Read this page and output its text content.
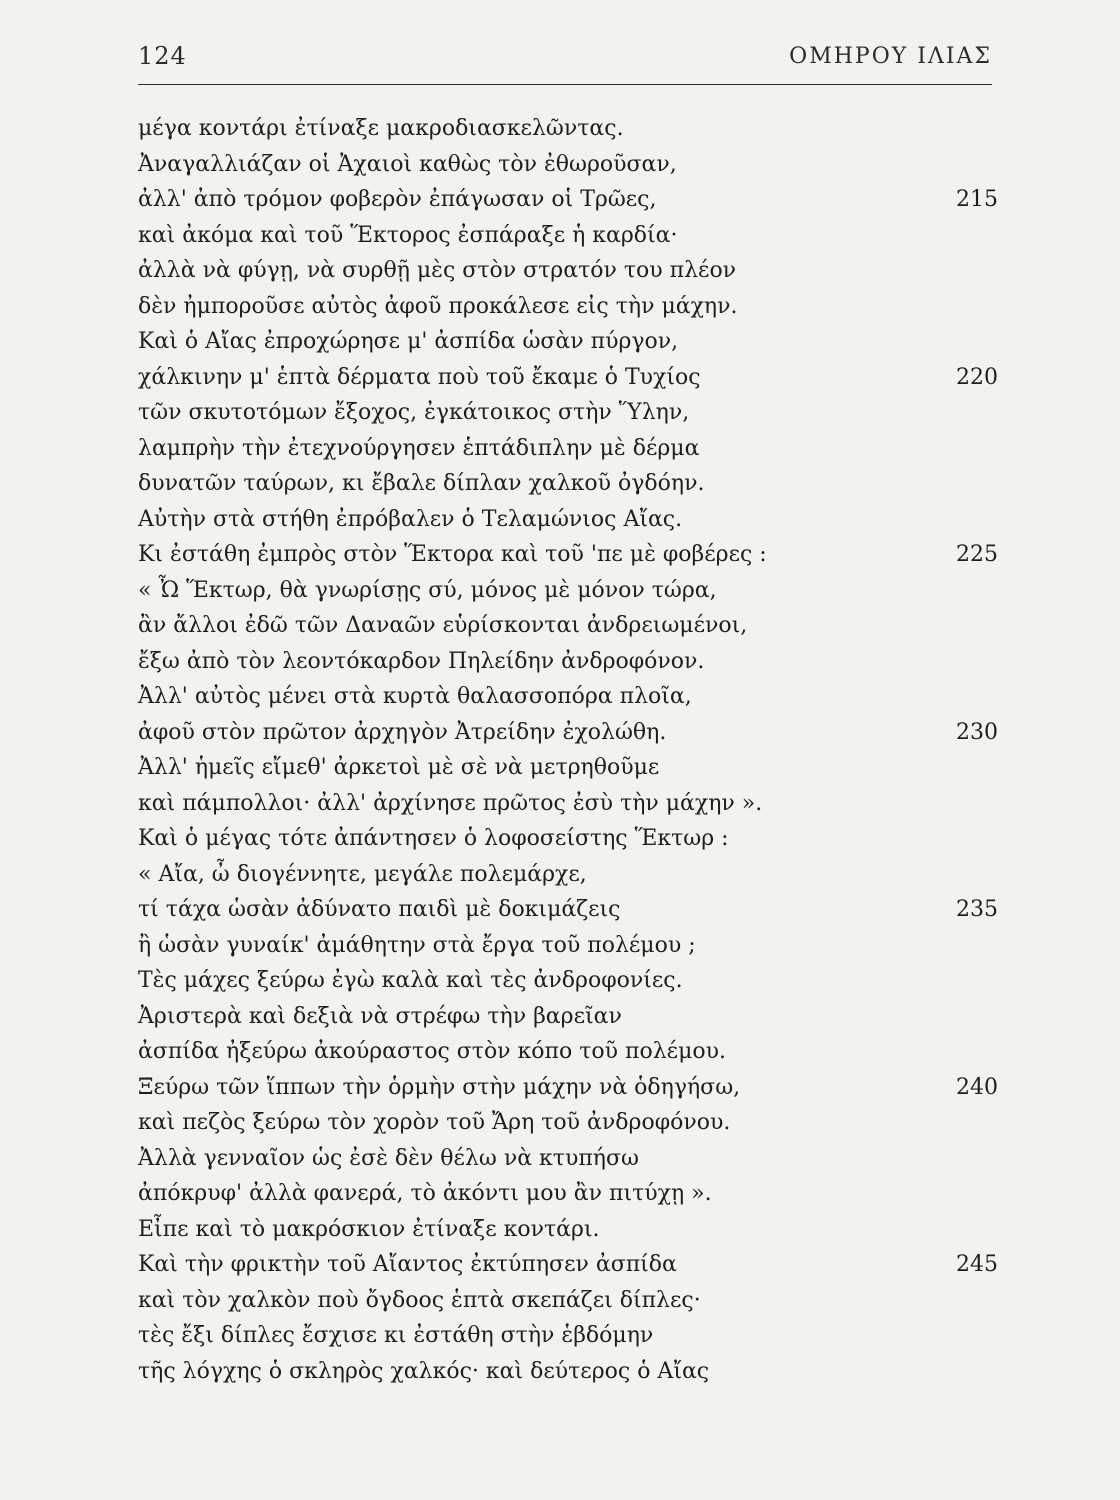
124	ΟΜΗΡΟΥ ΙΛΙΑΣ
μέγα κοντάρι ἐτίναξε μακροδιασκελῶντας.
Ἀναγαλλιάζαν οἱ Ἀχαιοὶ καθὼς τὸν ἐθωροῦσαν,
ἀλλ' ἀπὸ τρόμον φοβερὸν ἐπάγωσαν οἱ Τρῶες,	215
καὶ ἀκόμα καὶ τοῦ Ἕκτορος ἐσπάραξε ἡ καρδία·
ἀλλὰ νὰ φύγῃ, νὰ συρθῇ μὲς στὸν στρατόν του πλέον
δὲν ἠμποροῦσε αὐτὸς ἀφοῦ προκάλεσε εἰς τὴν μάχην.
Καὶ ὁ Αἴας ἐπροχώρησε μ' ἀσπίδα ὡσὰν πύργον,
χάλκινην μ' ἑπτὰ δέρματα ποὺ τοῦ ἔκαμε ὁ Τυχίος	220
τῶν σκυτοτόμων ἔξοχος, ἐγκάτοικος στὴν Ὕλην,
λαμπρὴν τὴν ἐτεχνούργησεν ἑπτάδιπλην μὲ δέρμα
δυνατῶν ταύρων, κι ἔβαλε δίπλαν χαλκοῦ ὀγδόην.
Αὐτὴν στὰ στήθη ἐπρόβαλεν ὁ Τελαμώνιος Αἴας.
Κι ἐστάθη ἐμπρὸς στὸν Ἕκτορα καὶ τοῦ 'πε μὲ φοβέρες :	225
« Ὦ Ἕκτωρ, θὰ γνωρίσῃς σύ, μόνος μὲ μόνον τώρα,
ἂν ἄλλοι ἐδῶ τῶν Δαναῶν εὑρίσκονται ἀνδρειωμένοι,
ἔξω ἀπὸ τὸν λεοντόκαρδον Πηλείδην ἀνδροφόνον.
Ἀλλ' αὐτὸς μένει στὰ κυρτὰ θαλασσοπόρα πλοῖα,
ἀφοῦ στὸν πρῶτον ἀρχηγὸν Ἀτρείδην ἐχολώθη.	230
Ἀλλ' ἡμεῖς εἴμεθ' ἀρκετοὶ μὲ σὲ νὰ μετρηθοῦμε
καὶ πάμπολλοι· ἀλλ' ἀρχίνησε πρῶτος ἐσὺ τὴν μάχην ».
Καὶ ὁ μέγας τότε ἀπάντησεν ὁ λοφοσείστης Ἕκτωρ :
« Αἴα, ὦ διογέννητε, μεγάλε πολεμάρχε,
τί τάχα ὡσὰν ἀδύνατο παιδὶ μὲ δοκιμάζεις	235
ἢ ὡσὰν γυναίκ' ἀμάθητην στὰ ἔργα τοῦ πολέμου ;
Τὲς μάχες ξεύρω ἐγὼ καλὰ καὶ τὲς ἀνδροφονίες.
Ἀριστερὰ καὶ δεξιὰ νὰ στρέφω τὴν βαρεῖαν
ἀσπίδα ἠξεύρω ἀκούραστος στὸν κόπο τοῦ πολέμου.
Ξεύρω τῶν ἵππων τὴν ὁρμὴν στὴν μάχην νὰ ὁδηγήσω,	240
καὶ πεζὸς ξεύρω τὸν χορὸν τοῦ Ἄρη τοῦ ἀνδροφόνου.
Ἀλλὰ γενναῖον ὡς ἐσὲ δὲν θέλω νὰ κτυπήσω
ἀπόκρυφ' ἀλλὰ φανερά, τὸ ἀκόντι μου ἂν πιτύχῃ ».
Εἶπε καὶ τὸ μακρόσκιον ἐτίναξε κοντάρι.
Καὶ τὴν φρικτὴν τοῦ Αἴαντος ἐκτύπησεν ἀσπίδα	245
καὶ τὸν χαλκὸν ποὺ ὄγδοος ἑπτὰ σκεπάζει δίπλες·
τὲς ἔξι δίπλες ἔσχισε κι ἐστάθη στὴν ἑβδόμην
τῆς λόγχης ὁ σκληρὸς χαλκός· καὶ δεύτερος ὁ Αἴας
